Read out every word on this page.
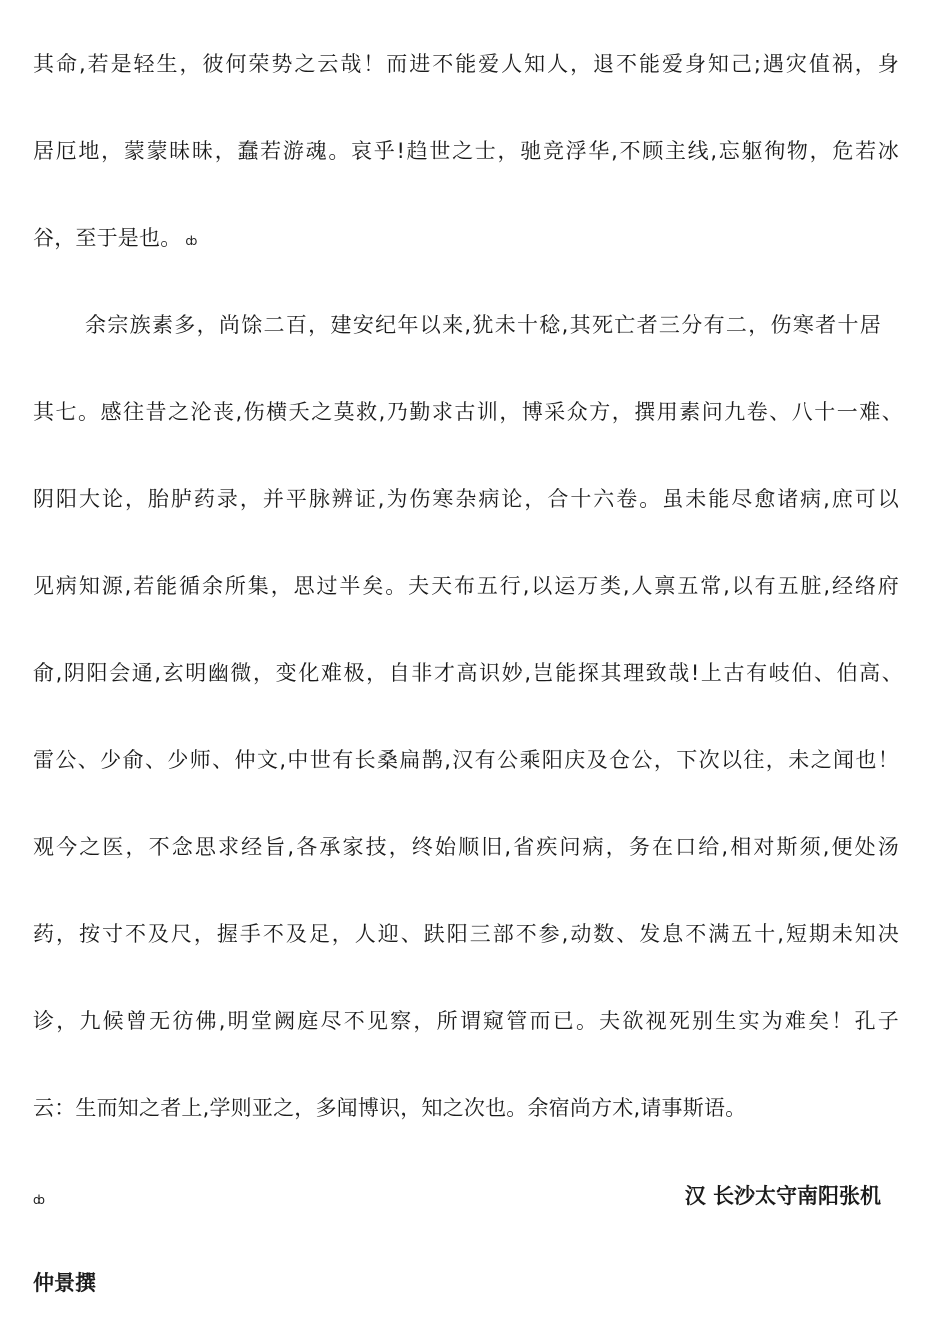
其命,若是轻生，彼何荣势之云哉！而进不能爱人知人，退不能爱身知己;遇灾值祸，身
居厄地，蒙蒙昧昧，蠢若游魂。哀乎!趋世之士，驰竞浮华,不顾主线,忘躯徇物，危若冰
谷，至于是也。 ȸ
余宗族素多，尚馀二百，建安纪年以来,犹未十稔,其死亡者三分有二，伤寒者十居
其七。感往昔之沦丧,伤横夭之莫救,乃勤求古训，博采众方，撰用素问九卷、八十一难、
阴阳大论，胎胪药录，并平脉辨证,为伤寒杂病论，合十六卷。虽未能尽愈诸病,庶可以
见病知源,若能循余所集，思过半矣。夫天布五行,以运万类,人禀五常,以有五脏,经络府
俞,阴阳会通,玄明幽微，变化难极，自非才高识妙,岂能探其理致哉!上古有岐伯、伯高、
雷公、少俞、少师、仲文,中世有长桑扁鹊,汉有公乘阳庆及仓公，下次以往，未之闻也！
观今之医，不念思求经旨,各承家技，终始顺旧,省疾问病，务在口给,相对斯须,便处汤
药，按寸不及尺，握手不及足，人迎、趺阳三部不参,动数、发息不满五十,短期未知决
诊，九候曾无彷佛,明堂阙庭尽不见察，所谓窥管而已。夫欲视死别生实为难矣！孔子
云：生而知之者上,学则亚之，多闻博识，知之次也。余宿尚方术,请事斯语。
ȸ	汉 长沙太守南阳张机
仲景撰
